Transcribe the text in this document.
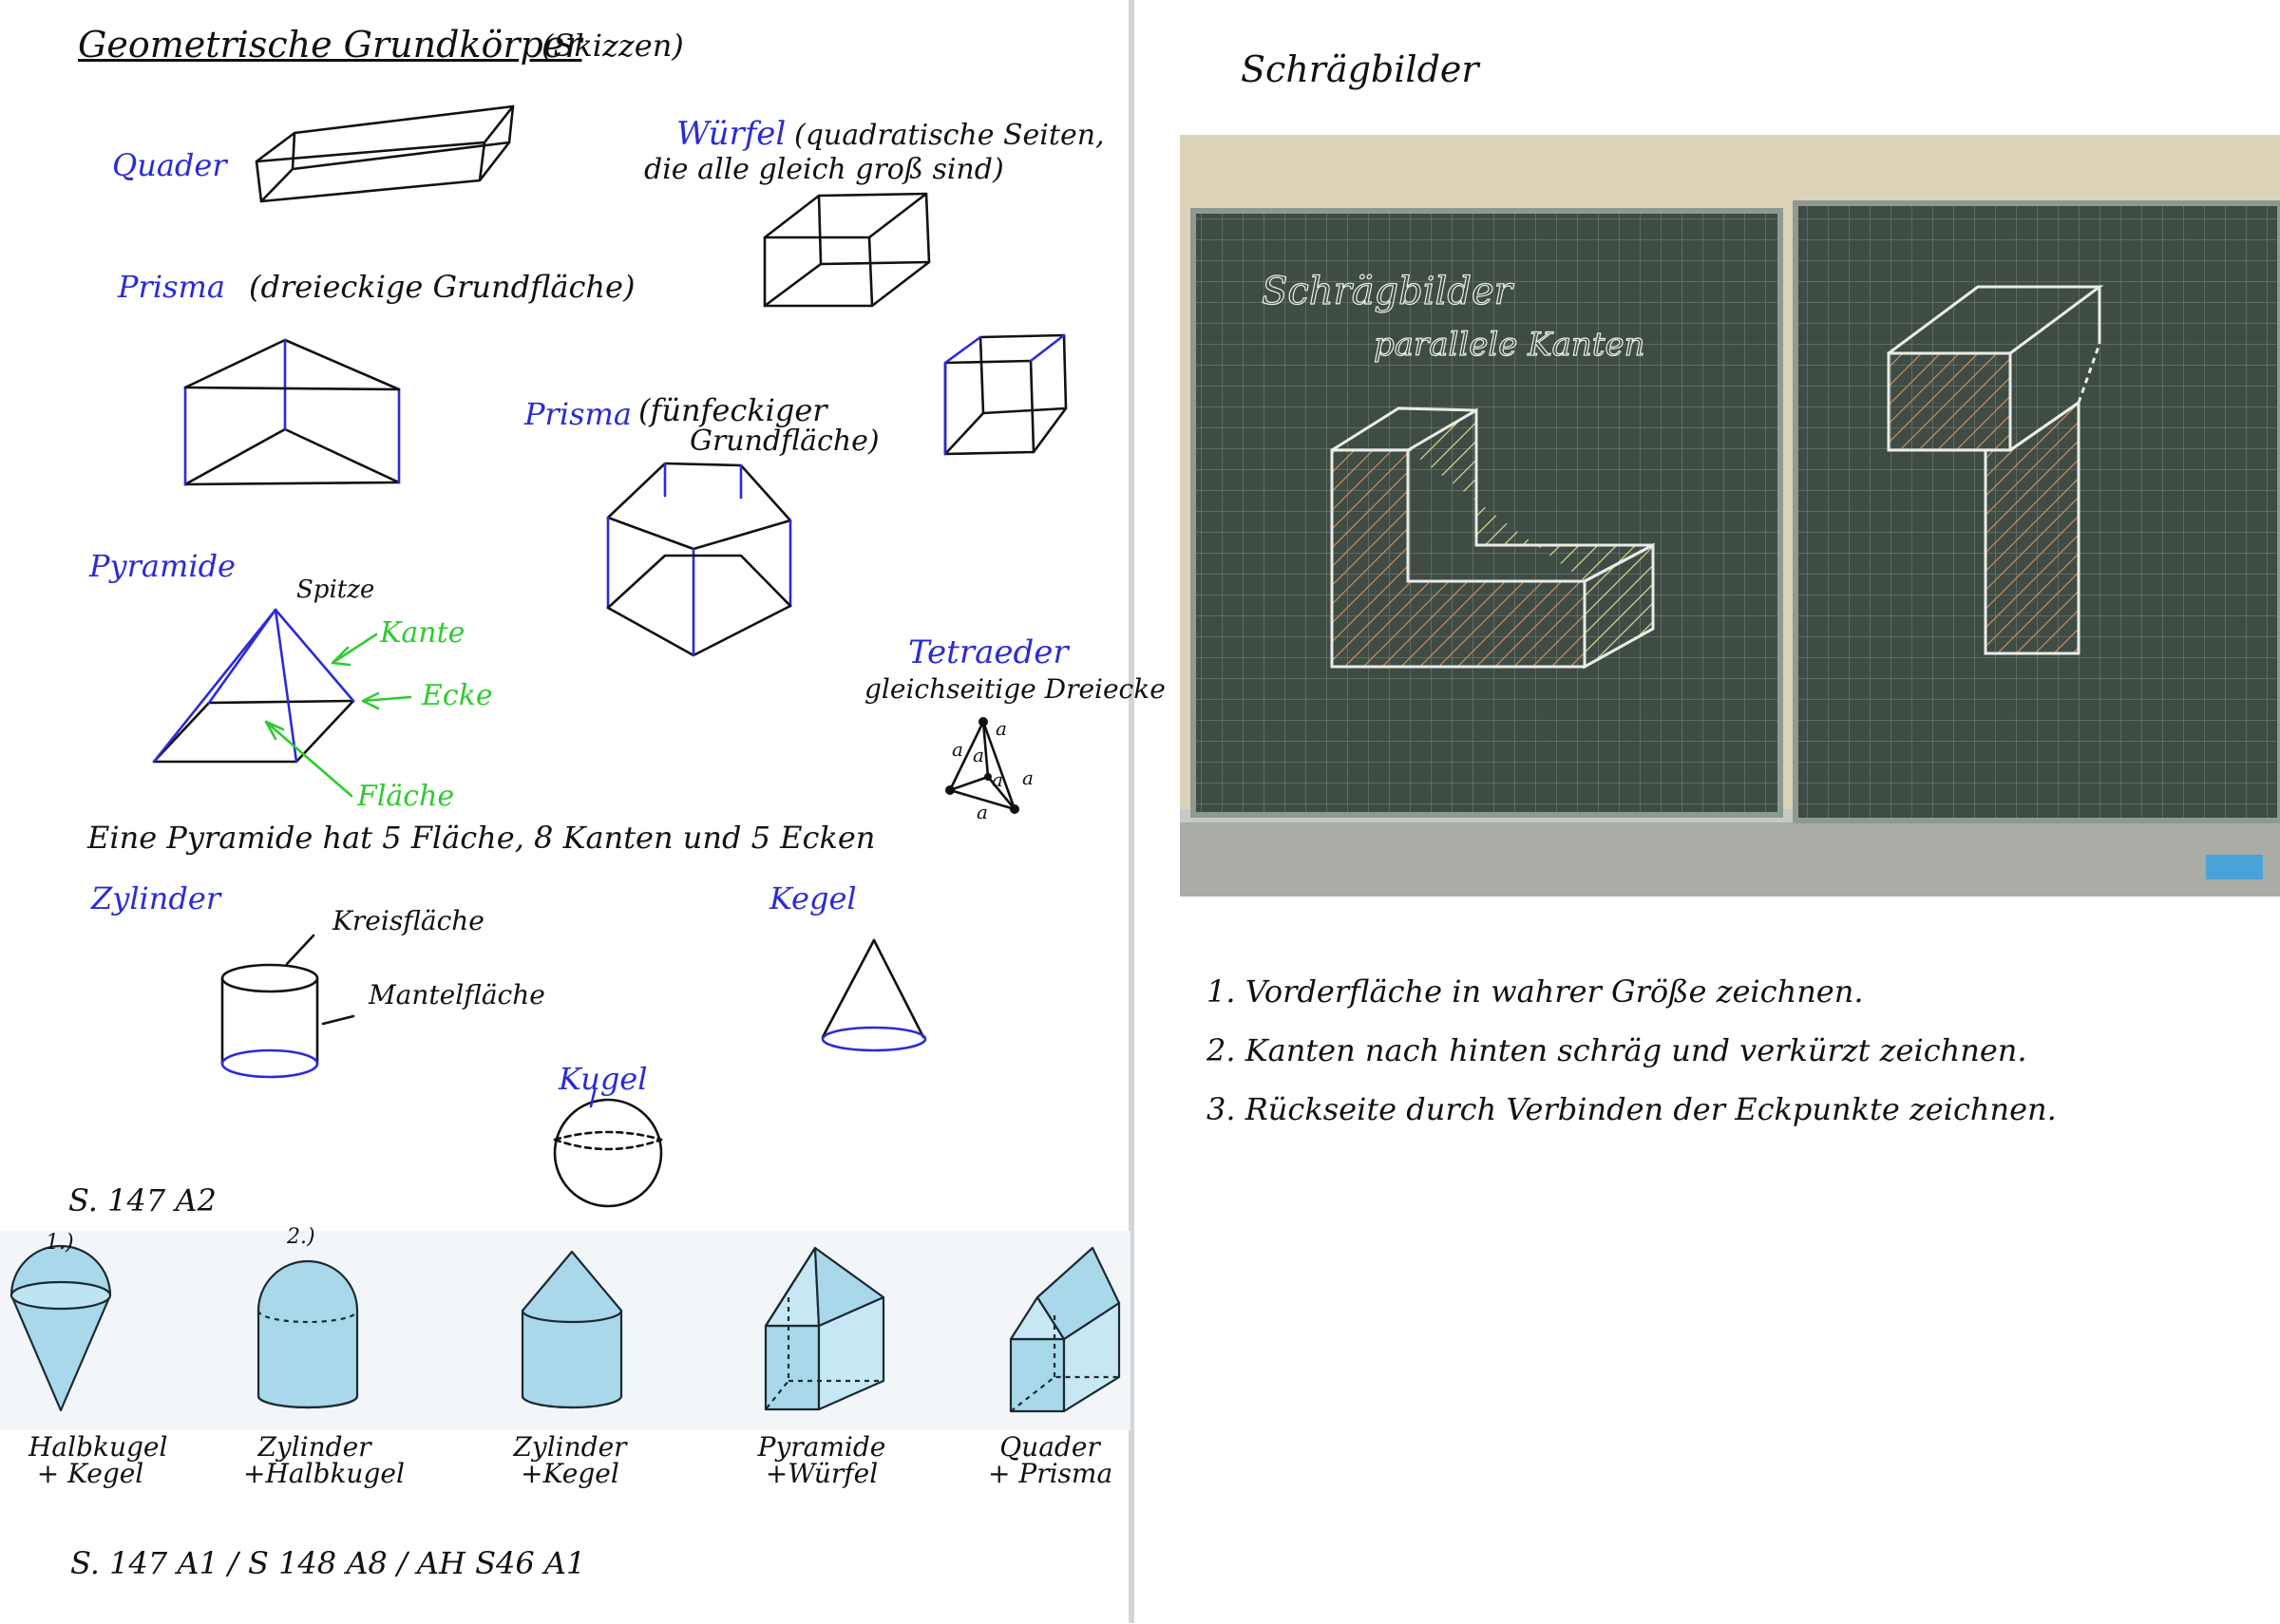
Geometrische Grundkörper
(Skizzen)
Quader
Würfel (quadratische Seiten,
die alle gleich groß sind)
Prisma (dreieckige Grundfläche)
Prisma (fünfeckiger
Grundfläche)
Pyramide
Spitze
Kante
Ecke
Fläche
Tetraeder
gleichseitige Dreiecke
Eine Pyramide hat 5 Fläche, 8 Kanten und 5 Ecken
Zylinder
Kreisfläche
Mantelfläche
Kegel
Kugel
S. 147 A2
a
a a
a a
a
1.)	2.)
Halbkugel
+ Kegel
Zylinder
+Halbkugel
Zylinder
+Kegel
Pyramide
+Würfel
Quader
+ Prisma
S. 147 A1 / S 148 A8 / AH S46 A1
Schrägbilder
Schrägbilder
parallele Kanten
1. Vorderfläche in wahrer Größe zeichnen.
2. Kanten nach hinten schräg und verkürzt zeichnen.
3. Rückseite durch Verbinden der Eckpunkte zeichnen.
